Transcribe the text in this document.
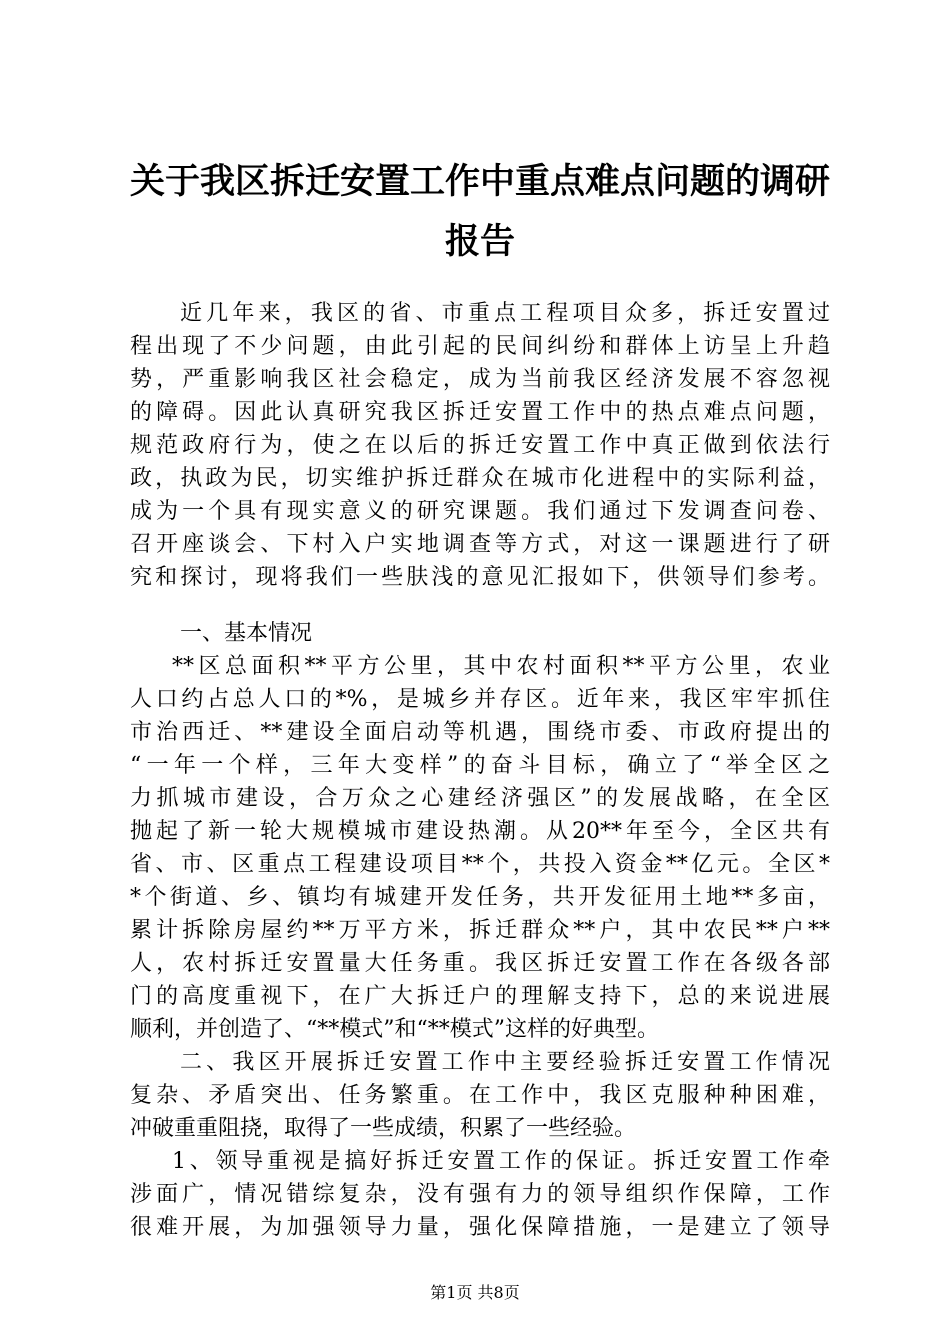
关于我区拆迁安置工作中重点难点问题的调研
报告
近几年来，我区的省、市重点工程项目众多，拆迁安置过
程出现了不少问题，由此引起的民间纠纷和群体上访呈上升趋
势，严重影响我区社会稳定，成为当前我区经济发展不容忽视
的障碍。因此认真研究我区拆迁安置工作中的热点难点问题，
规范政府行为，使之在以后的拆迁安置工作中真正做到依法行
政，执政为民，切实维护拆迁群众在城市化进程中的实际利益，
成为一个具有现实意义的研究课题。我们通过下发调查问卷、
召开座谈会、下村入户实地调查等方式，对这一课题进行了研
究和探讨，现将我们一些肤浅的意见汇报如下，供领导们参考。
一、基本情况
**区总面积**平方公里，其中农村面积**平方公里，农业
人口约占总人口的*%，是城乡并存区。近年来，我区牢牢抓住
市治西迁、**建设全面启动等机遇，围绕市委、市政府提出的
“一年一个样，三年大变样”的奋斗目标，确立了“举全区之
力抓城市建设，合万众之心建经济强区”的发展战略，在全区
抛起了新一轮大规模城市建设热潮。从20**年至今，全区共有
省、市、区重点工程建设项目**个，共投入资金**亿元。全区*
*个街道、乡、镇均有城建开发任务，共开发征用土地**多亩，
累计拆除房屋约**万平方米，拆迁群众**户，其中农民**户**
人，农村拆迁安置量大任务重。我区拆迁安置工作在各级各部
门的高度重视下，在广大拆迁户的理解支持下，总的来说进展
顺利，并创造了、“**模式”和“**模式”这样的好典型。
二、我区开展拆迁安置工作中主要经验拆迁安置工作情况
复杂、矛盾突出、任务繁重。在工作中，我区克服种种困难，
冲破重重阻挠，取得了一些成绩，积累了一些经验。
1、领导重视是搞好拆迁安置工作的保证。拆迁安置工作牵
涉面广，情况错综复杂，没有强有力的领导组织作保障，工作
很难开展，为加强领导力量，强化保障措施，一是建立了领导
第1页 共8页
